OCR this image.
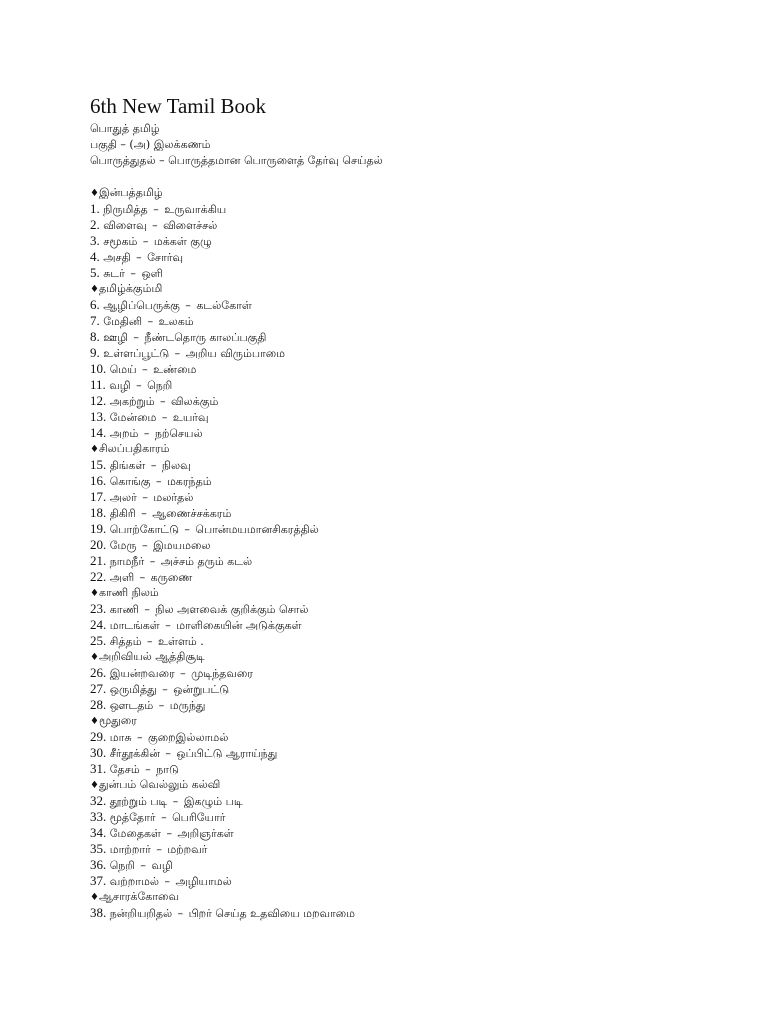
6th New Tamil Book
பொதுத் தமிழ்
பகுதி – (அ) இலக்கணம்
பொருத்துதல் – பொருத்தமான பொருளைத் தேர்வு செய்தல்
♦இன்பத்தமிழ்
1. நிருமித்த – உருவாக்கிய
2. விளைவு – விளைச்சல்
3. சமூகம் – மக்கள் குழு
4. அசதி – சோர்வு
5. சுடர் – ஒளி
♦தமிழ்க்கும்மி
6. ஆழிப்பெருக்கு – கடல்கோள்
7. மேதினி – உலகம்
8. ஊழி – நீண்டதொரு காலப்பகுதி
9. உள்ளப்பூட்டு – அறிய விரும்பாமை
10. மெய் – உண்மை
11. வழி – நெறி
12. அகற்றும் – விலக்கும்
13. மேன்மை – உயர்வு
14. அறம் – நற்செயல்
♦சிலப்பதிகாரம்
15. திங்கள் – நிலவு
16. கொங்கு – மகரந்தம்
17. அலர் – மலர்தல்
18. திகிரி – ஆணைச்சக்கரம்
19. பொற்கோட்டு – பொன்மயமானசிகரத்தில்
20. மேரு – இமயமலை
21. நாமநீர் – அச்சம் தரும் கடல்
22. அளி – கருணை
♦காணி நிலம்
23. காணி – நில அளவைக் குறிக்கும் சொல்
24. மாடங்கள் – மாளிகையின் அடுக்குகள்
25. சித்தம் – உள்ளம் .
♦அறிவியல் ஆத்திசூடி
26. இயன்றவரை – முடிந்தவரை
27. ஒருமித்து – ஒன்றுபட்டு
28. ஔடதம் – மருந்து
♦மூதுரை
29. மாசு – குறைஇல்லாமல்
30. சீர்தூக்கின் – ஒப்பிட்டு ஆராய்ந்து
31. தேசம் – நாடு
♦துன்பம் வெல்லும் கல்வி
32. தூற்றும் படி – இகழும் படி
33. மூத்தோர் – பெரியோர்
34. மேதைகள் – அறிஞர்கள்
35. மாற்றார் – மற்றவர்
36. நெறி – வழி
37. வற்றாமல் – அழியாமல்
♦ஆசாரக்கோவை
38. நன்றியறிதல் – பிறர் செய்த உதவியை மறவாமை
